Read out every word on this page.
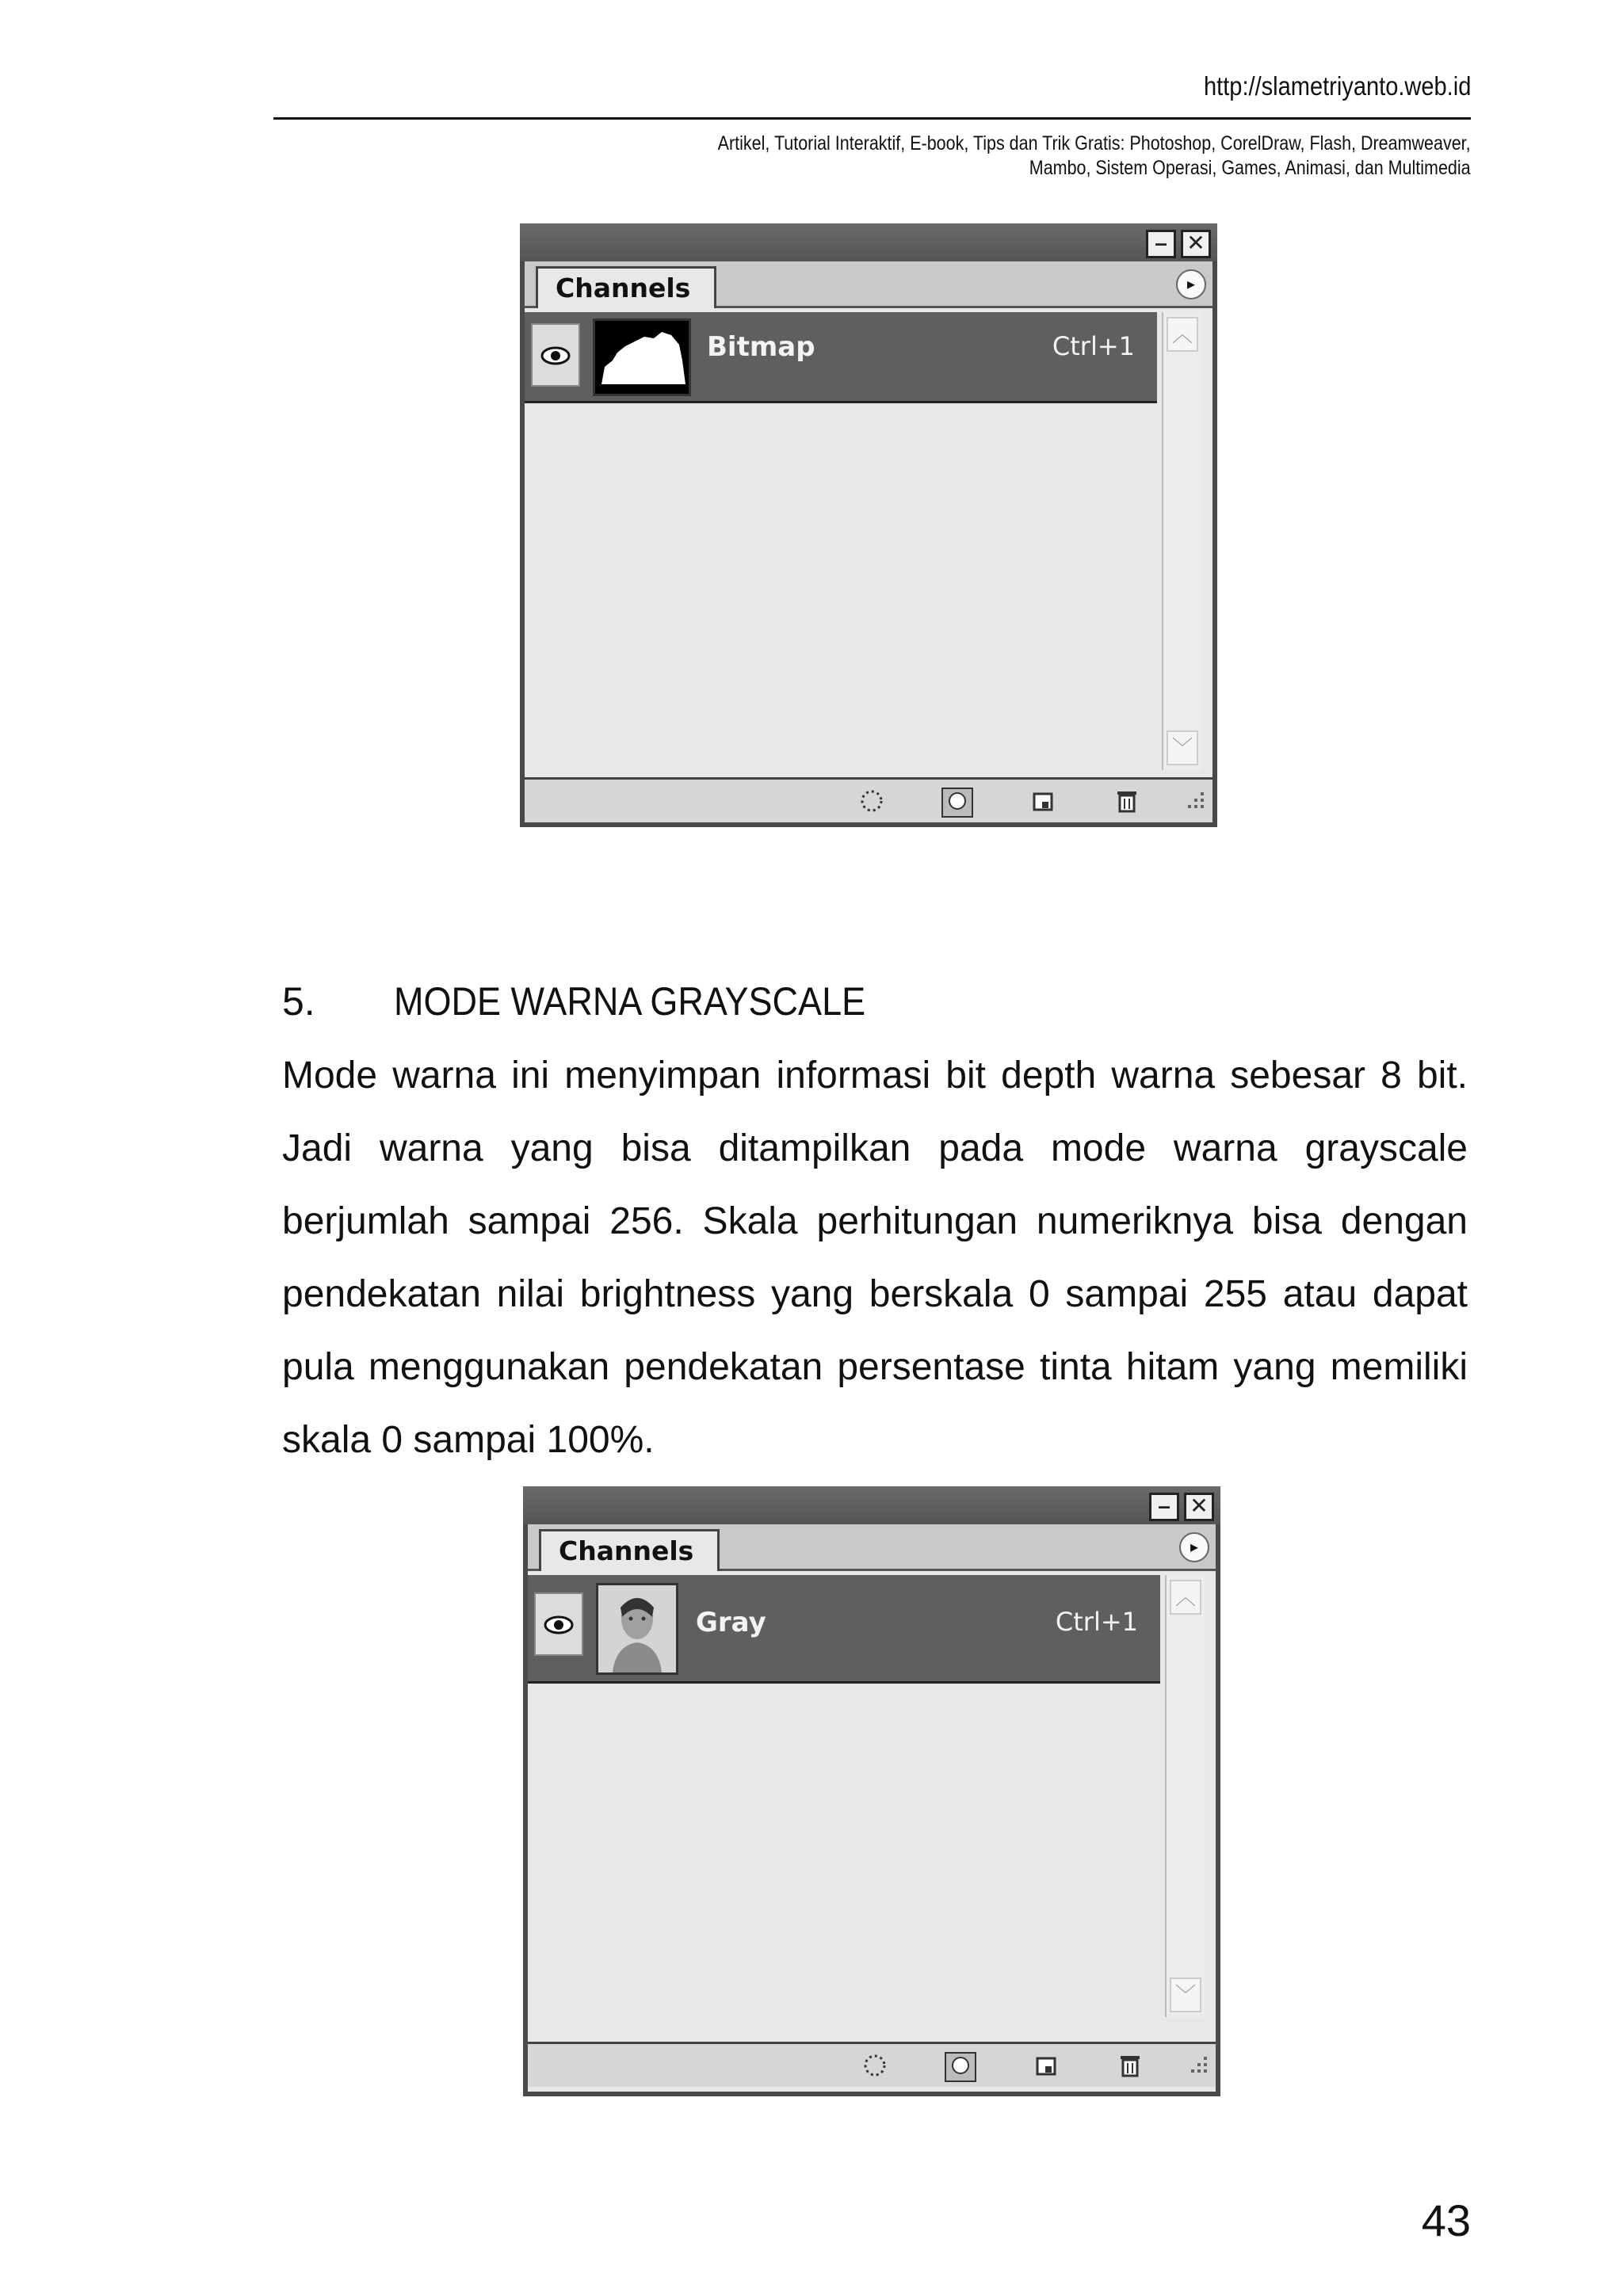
http://slametriyanto.web.id
Artikel, Tutorial Interaktif, E-book, Tips dan Trik Gratis: Photoshop, CorelDraw, Flash, Dreamweaver,
Mambo, Sistem Operasi, Games, Animasi, dan Multimedia
– ✕
Channels	▸
Bitmap	Ctrl+1 ︿
﹀
5. MODE WARNA GRAYSCALE
Mode warna ini menyimpan informasi bit depth warna sebesar 8 bit. Jadi warna yang bisa ditampilkan pada mode warna grayscale berjumlah sampai 256. Skala perhitungan numeriknya bisa dengan pendekatan nilai brightness yang berskala 0 sampai 255 atau dapat pula menggunakan pendekatan persentase tinta hitam yang memiliki skala 0 sampai 100%.
– ✕
Channels	▸
Gray	Ctrl+1
︿
﹀
43
